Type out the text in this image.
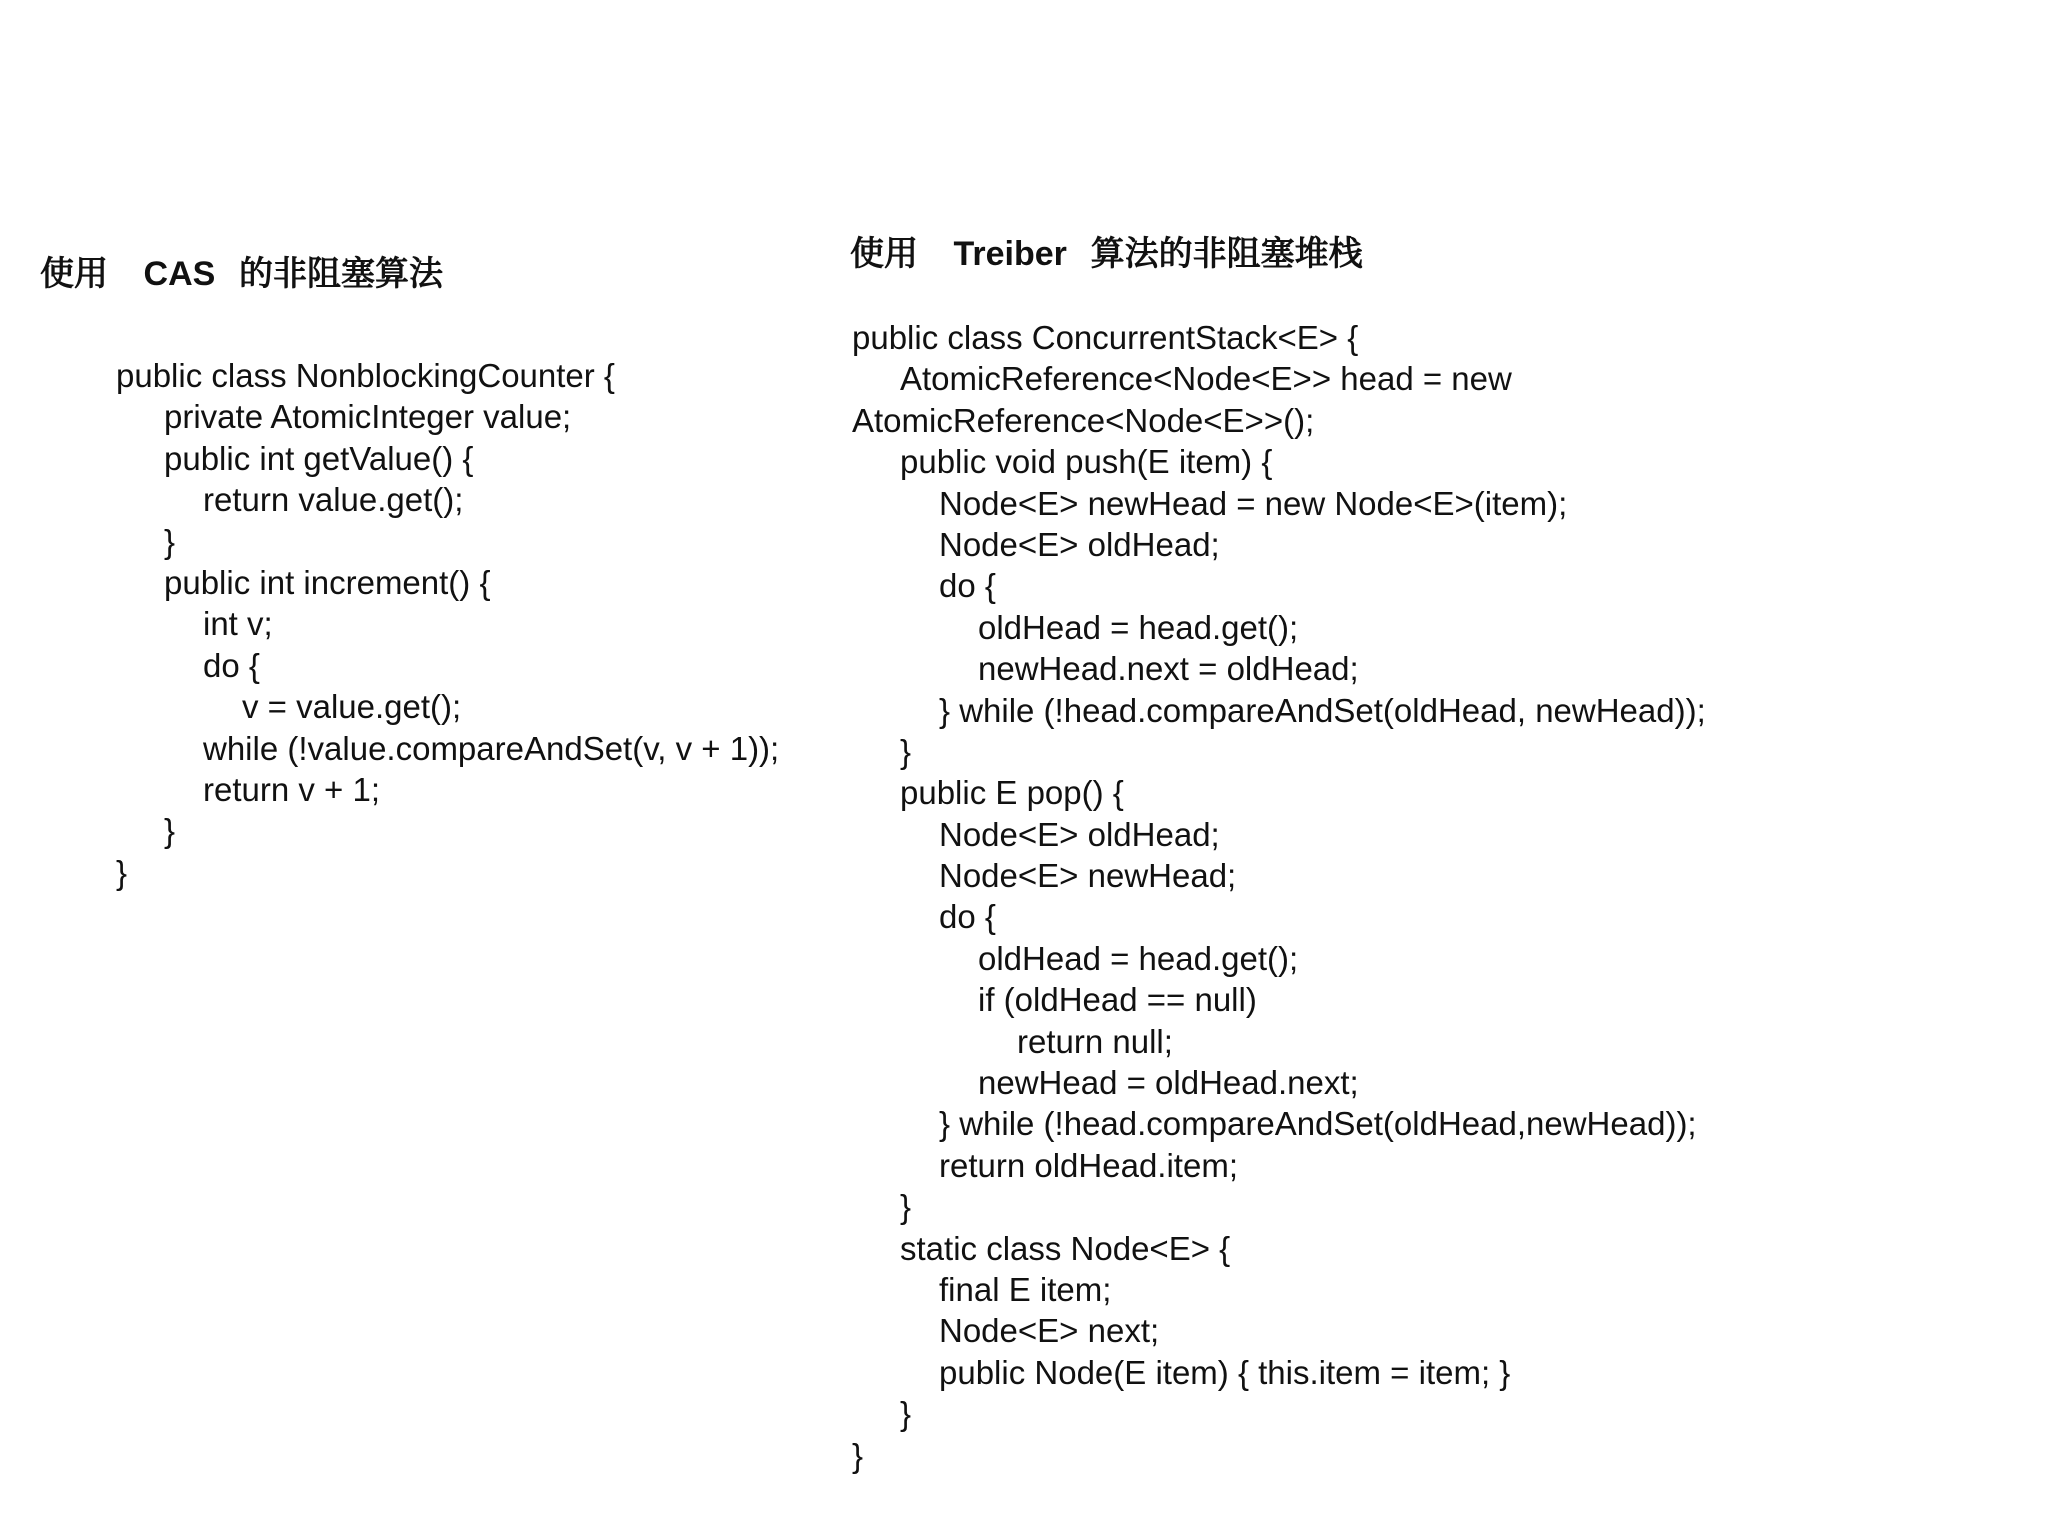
使用 CAS 的非阻塞算法
public class NonblockingCounter {
private AtomicInteger value;
public int getValue() {
return value.get();
}
public int increment() {
int v;
do {
v = value.get();
while (!value.compareAndSet(v, v + 1));
return v + 1;
}
}
使用 Treiber 算法的非阻塞堆栈
public class ConcurrentStack<E> {
AtomicReference<Node<E>> head = new
AtomicReference<Node<E>>();
public void push(E item) {
Node<E> newHead = new Node<E>(item);
Node<E> oldHead;
do {
oldHead = head.get();
newHead.next = oldHead;
} while (!head.compareAndSet(oldHead, newHead));
}
public E pop() {
Node<E> oldHead;
Node<E> newHead;
do {
oldHead = head.get();
if (oldHead == null)
return null;
newHead = oldHead.next;
} while (!head.compareAndSet(oldHead,newHead));
return oldHead.item;
}
static class Node<E> {
final E item;
Node<E> next;
public Node(E item) { this.item = item; }
}
}
